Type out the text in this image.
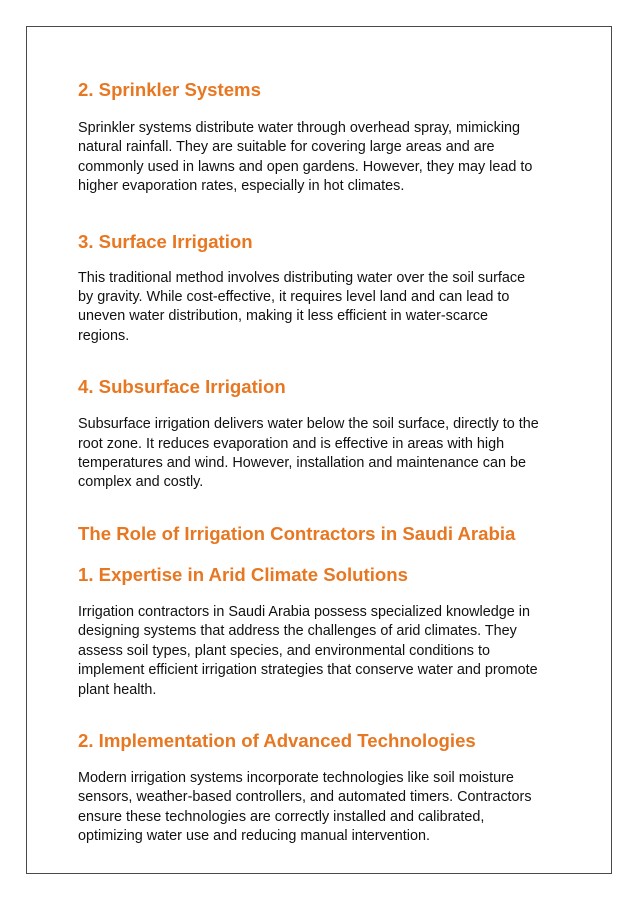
2. Sprinkler Systems

Sprinkler systems distribute water through overhead spray, mimicking
natural rainfall. They are suitable for covering large areas and are
commonly used in lawns and open gardens. However, they may lead to
higher evaporation rates, especially in hot climates.

3. Surface Irrigation

This traditional method involves distributing water over the soil surface
by gravity. While cost-effective, it requires level land and can lead to
uneven water distribution, making it less efficient in water-scarce
regions.

4. Subsurface Irrigation

Subsurface irrigation delivers water below the soil surface, directly to the
root zone. It reduces evaporation and is effective in areas with high
temperatures and wind. However, installation and maintenance can be
complex and costly.

The Role of Irrigation Contractors in Saudi Arabia
1. Expertise in Arid Climate Solutions

Irrigation contractors in Saudi Arabia possess specialized knowledge in
designing systems that address the challenges of arid climates. They
assess soil types, plant species, and environmental conditions to
implement efficient irrigation strategies that conserve water and promote
plant health.

2. Implementation of Advanced Technologies

Modern irrigation systems incorporate technologies like soil moisture
sensors, weather-based controllers, and automated timers. Contractors
ensure these technologies are correctly installed and calibrated,
optimizing water use and reducing manual intervention.
